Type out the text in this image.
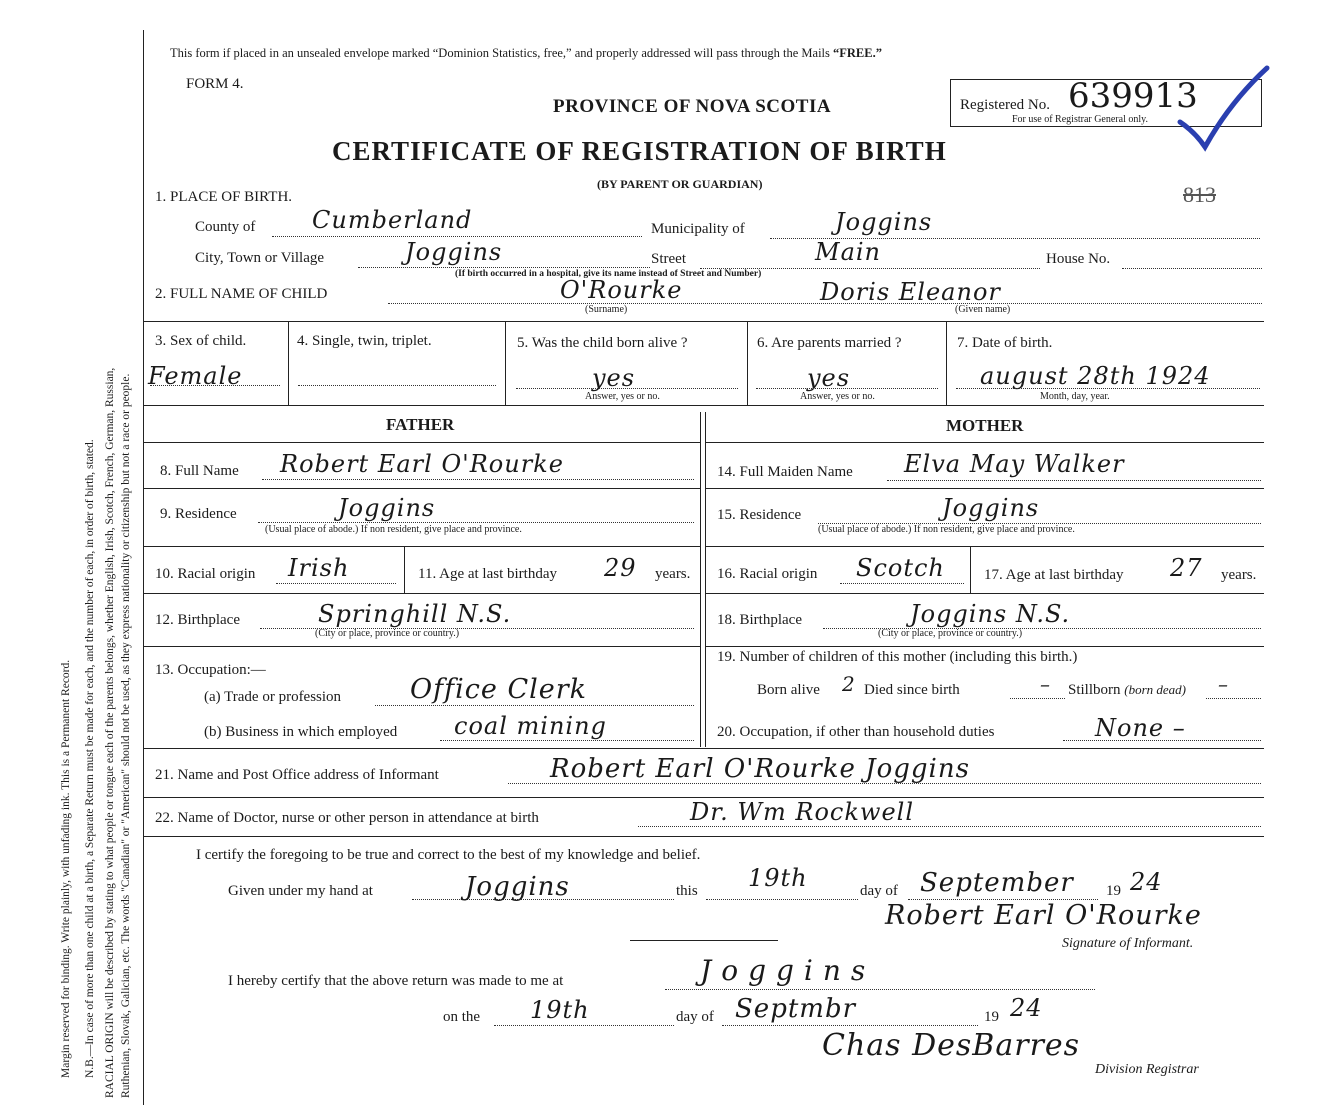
Margin reserved for binding. Write plainly, with unfading ink. This is a Permanent Record. N.B.—In case of more than one child at a birth, a Separate Return must be made for each, and the number of each, in order of birth, stated. RACIAL ORIGIN will be described by stating to what people or tongue each of the parents belongs, whether English, Irish, Scotch, French, German, Russian, Ruthenian, Slovak, Galician, etc. The words "Canadian" or "American" should not be used, as they express nationality or citizenship but not a race or people.
This form if placed in an unsealed envelope marked “Dominion Statistics, free,” and properly addressed will pass through the Mails “FREE.”
FORM 4.
PROVINCE OF NOVA SCOTIA
CERTIFICATE OF REGISTRATION OF BIRTH
(BY PARENT OR GUARDIAN)
Registered No. 639913
For use of Registrar General only.
813
1. PLACE OF BIRTH.
County of Cumberland	Municipality of	Joggins
City, Town or Village	Joggins	Street	Main	House No.
(If birth occurred in a hospital, give its name instead of Street and Number)
2. FULL NAME OF CHILD	O'Rourke	Doris Eleanor
(Surname)	(Given name)
3. Sex of child.
Female
4. Single, twin, triplet.	5. Was the child born alive ?
yes
Answer, yes or no.
6. Are parents married ?
yes
Answer, yes or no.
7. Date of birth.
august 28th 1924
Month, day, year.
FATHER	MOTHER
8. Full Name Robert Earl O'Rourke
9. Residence	Joggins
(Usual place of abode.) If non resident, give place and province.
10. Racial origin Irish	11. Age at last birthday 29 years.
12. Birthplace	Springhill N.S.
(City or place, province or country.)
13. Occupation:—
(a) Trade or profession	Office Clerk
(b) Business in which employed coal mining
14. Full Maiden Name Elva May Walker
15. Residence	Joggins
(Usual place of abode.) If non resident, give place and province.
16. Racial origin Scotch	17. Age at last birthday 27 years.
18. Birthplace	Joggins N.S.
(City or place, province or country.)
19. Number of children of this mother (including this birth.)
Born alive 2 Died since birth	– Stillborn (born dead) –
20. Occupation, if other than household duties	None –
21. Name and Post Office address of Informant	Robert Earl O'Rourke Joggins
22. Name of Doctor, nurse or other person in attendance at birth	Dr. Wm Rockwell
I certify the foregoing to be true and correct to the best of my knowledge and belief.
Given under my hand at	Joggins	this 19th	day of September 19 24
Robert Earl O'Rourke
Signature of Informant.
I hereby certify that the above return was made to me at	Joggins
on the 19th	day of Septmbr	19 24
Chas DesBarres
Division Registrar
